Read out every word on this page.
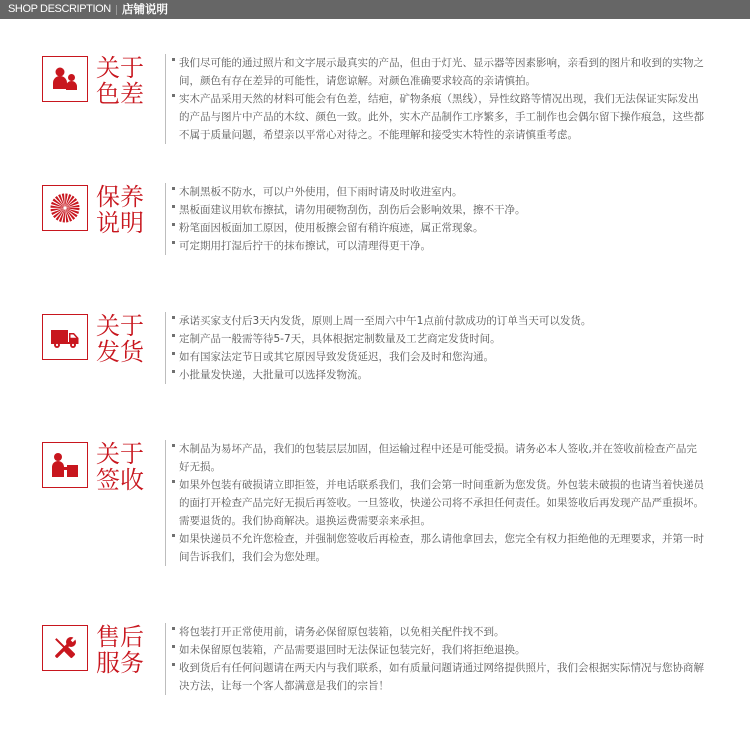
SHOP DESCRIPTION 店铺说明
关于
色差
我们尽可能的通过照片和文字展示最真实的产品，但由于灯光、显示器等因素影响，亲看到的图片和收到的实物之
间，颜色有存在差异的可能性，请您谅解。对颜色准确要求较高的亲请慎拍。
实木产品采用天然的材料可能会有色差，结疤，矿物条痕（黑线），异性纹路等情况出现，我们无法保证实际发出
的产品与图片中产品的木纹、颜色一致。此外，实木产品制作工序繁多，手工制作也会偶尔留下操作痕急，这些都
不属于质量问题，希望亲以平常心对待之。不能理解和接受实木特性的亲请慎重考虑。
保养
说明
木制黑板不防水，可以户外使用，但下雨时请及时收进室内。
黑板面建议用软布擦拭，请勿用硬物刮伤，刮伤后会影响效果，擦不干净。
粉笔面因板面加工原因，使用板擦会留有稍许痕迹，属正常现象。
可定期用打湿后拧干的抹布擦试，可以清理得更干净。
关于
发货
承诺买家支付后3天内发货，原则上周一至周六中午1点前付款成功的订单当天可以发货。
定制产品一般需等待5-7天，具体根据定制数量及工艺商定发货时间。
如有国家法定节日或其它原因导致发货延迟，我们会及时和您沟通。
小批量发快递，大批量可以选择发物流。
关于
签收
木制品为易坏产品，我们的包装层层加固，但运输过程中还是可能受损。请务必本人签收,并在签收前检查产品完
好无损。
如果外包装有破损请立即拒签，并电话联系我们，我们会第一时间重新为您发货。外包装未破损的也请当着快递员
的面打开检查产品完好无损后再签收。一旦签收，快递公司将不承担任何责任。如果签收后再发现产品严重损坏。
需要退货的。我们协商解决。退换运费需要亲来承担。
如果快递员不允许您检查，并强制您签收后再检查，那么请他拿回去，您完全有权力拒绝他的无理要求，并第一时
间告诉我们，我们会为您处理。
售后
服务
将包装打开正常使用前，请务必保留原包装箱，以免相关配件找不到。
如未保留原包装箱，产品需要退回时无法保证包装完好，我们将拒绝退换。
收到货后有任何问题请在两天内与我们联系，如有质量问题请通过网络提供照片，我们会根据实际情况与您协商解
决方法，让每一个客人都满意是我们的宗旨！
